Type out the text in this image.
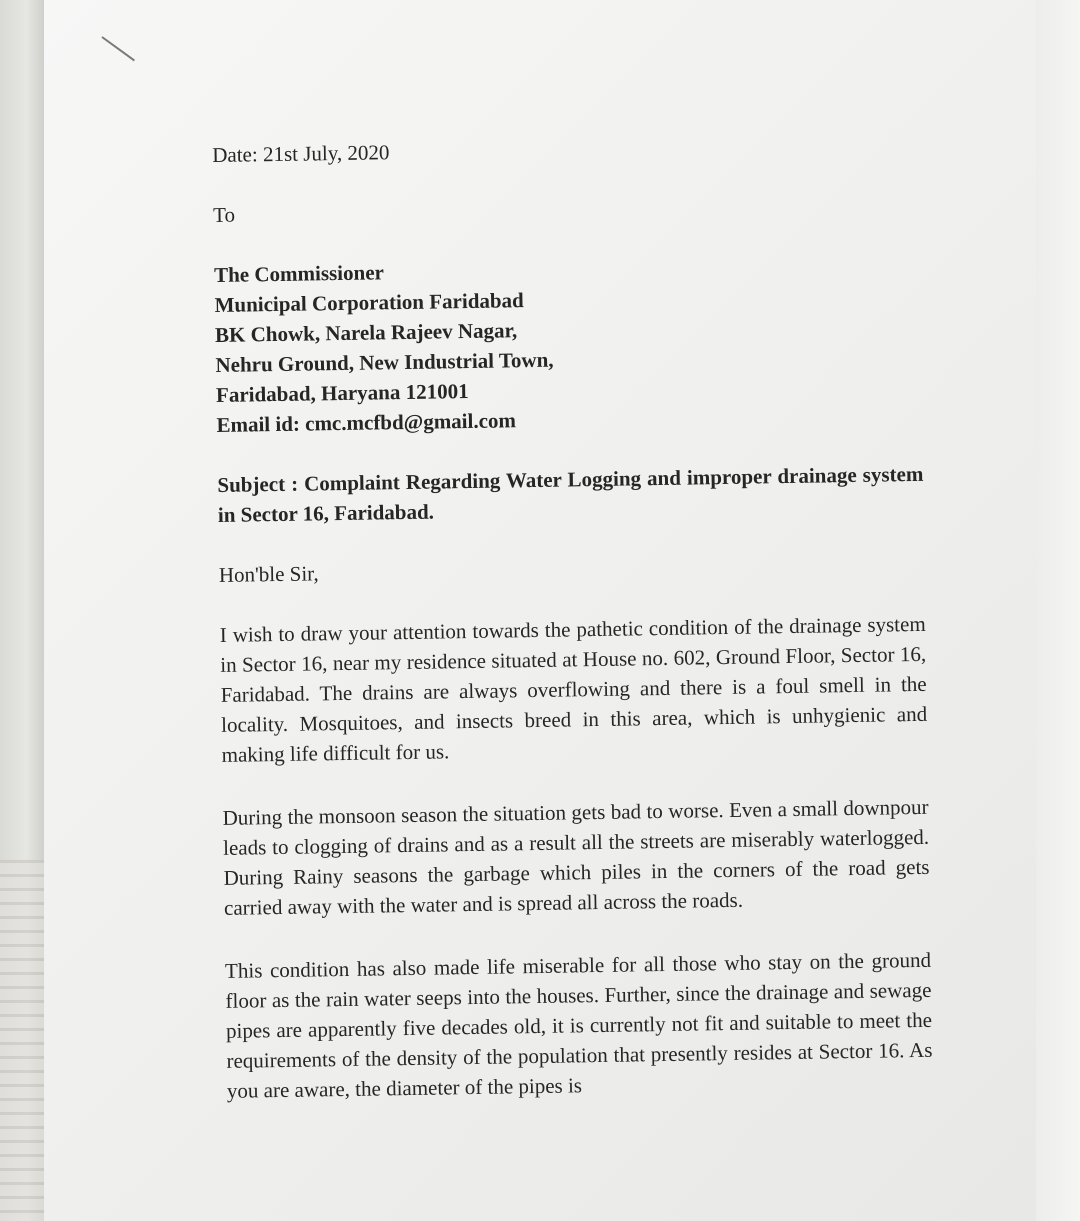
Date: 21st July, 2020
To
The Commissioner
Municipal Corporation Faridabad
BK Chowk, Narela Rajeev Nagar,
Nehru Ground, New Industrial Town,
Faridabad, Haryana 121001
Email id: cmc.mcfbd@gmail.com

Subject : Complaint Regarding Water Logging and improper drainage system in Sector 16, Faridabad.

Hon'ble Sir,

I wish to draw your attention towards the pathetic condition of the drainage system in Sector 16, near my residence situated at House no. 602, Ground Floor, Sector 16, Faridabad. The drains are always overflowing and there is a foul smell in the locality. Mosquitoes, and insects breed in this area, which is unhygienic and making life difficult for us.

During the monsoon season the situation gets bad to worse. Even a small downpour leads to clogging of drains and as a result all the streets are miserably waterlogged. During Rainy seasons the garbage which piles in the corners of the road gets carried away with the water and is spread all across the roads.

This condition has also made life miserable for all those who stay on the ground floor as the rain water seeps into the houses. Further, since the drainage and sewage pipes are apparently five decades old, it is currently not fit and suitable to meet the requirements of the density of the population that presently resides at Sector 16. As you are aware, the diameter of the pipes is
